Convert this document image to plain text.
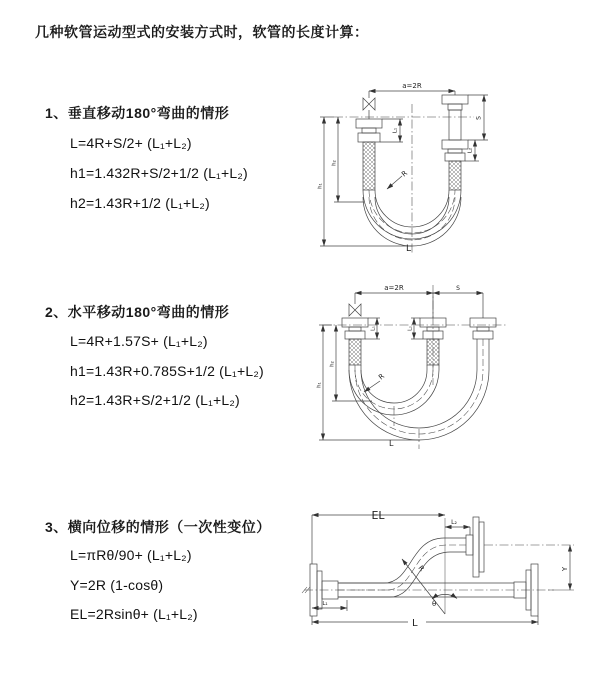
几种软管运动型式的安装方式时，软管的长度计算：
1、垂直移动180°弯曲的情形
L=4R+S/2+ (L₁+L₂)
h1=1.432R+S/2+1/2 (L₁+L₂)
h2=1.43R+1/2 (L₁+L₂)
2、水平移动180°弯曲的情形
L=4R+1.57S+ (L₁+L₂)
h1=1.43R+0.785S+1/2 (L₁+L₂)
h2=1.43R+S/2+1/2 (L₁+L₂)
3、横向位移的情形（一次性变位）
L=πRθ/90+ (L₁+L₂)
Y=2R (1-cosθ)
EL=2Rsinθ+ (L₁+L₂)
a=2R
L₁
S
L₂
h₁
h₂
R
L
a=2R	S
L₁	L₂
h₁
h₂
R
L
EL
L₂
Y
R
θ
L
L₁
